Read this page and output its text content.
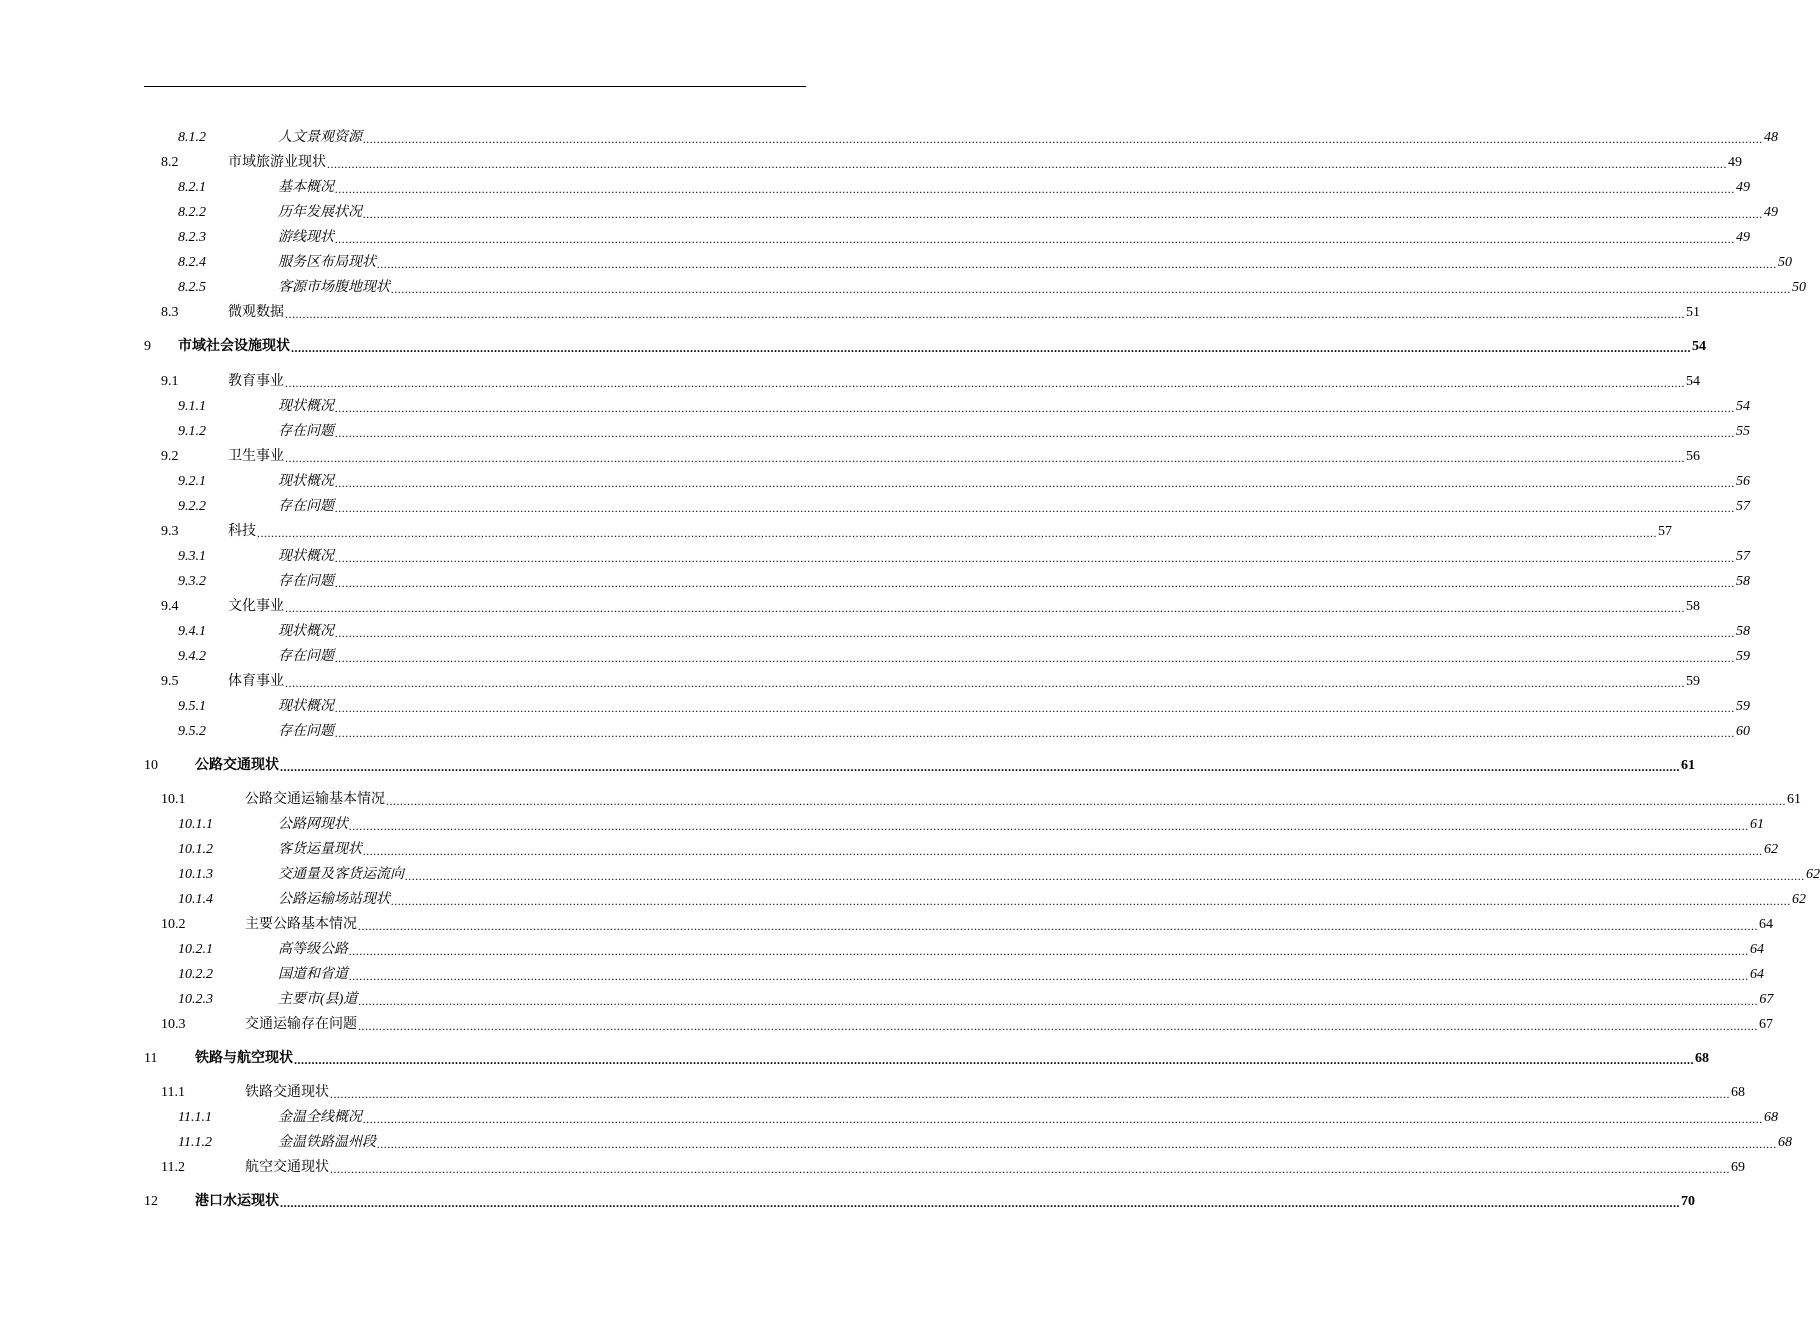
8.1.2	人文景观资源 ................................................................................................................................................................................................................................................................................................................................................................................................................ 48
8.2	市域旅游业现状 ................................................................................................................................................................................................................................................................................................................................................................................................................ 49
8.2.1	基本概况 ................................................................................................................................................................................................................................................................................................................................................................................................................ 49
8.2.2	历年发展状况 ................................................................................................................................................................................................................................................................................................................................................................................................................ 49
8.2.3	游线现状 ................................................................................................................................................................................................................................................................................................................................................................................................................ 49
8.2.4	服务区布局现状 ................................................................................................................................................................................................................................................................................................................................................................................................................ 50
8.2.5	客源市场腹地现状 ................................................................................................................................................................................................................................................................................................................................................................................................................ 50
8.3	微观数据 ................................................................................................................................................................................................................................................................................................................................................................................................................ 51
9 市域社会设施现状 ................................................................................................................................................................................................................................................................................................................................................................................................................ 54
9.1	教育事业 ................................................................................................................................................................................................................................................................................................................................................................................................................ 54
9.1.1	现状概况 ................................................................................................................................................................................................................................................................................................................................................................................................................ 54
9.1.2	存在问题 ................................................................................................................................................................................................................................................................................................................................................................................................................ 55
9.2	卫生事业 ................................................................................................................................................................................................................................................................................................................................................................................................................ 56
9.2.1	现状概况 ................................................................................................................................................................................................................................................................................................................................................................................................................ 56
9.2.2	存在问题 ................................................................................................................................................................................................................................................................................................................................................................................................................ 57
9.3	科技 ................................................................................................................................................................................................................................................................................................................................................................................................................ 57
9.3.1	现状概况 ................................................................................................................................................................................................................................................................................................................................................................................................................ 57
9.3.2	存在问题 ................................................................................................................................................................................................................................................................................................................................................................................................................ 58
9.4	文化事业 ................................................................................................................................................................................................................................................................................................................................................................................................................ 58
9.4.1	现状概况 ................................................................................................................................................................................................................................................................................................................................................................................................................ 58
9.4.2	存在问题 ................................................................................................................................................................................................................................................................................................................................................................................................................ 59
9.5	体育事业 ................................................................................................................................................................................................................................................................................................................................................................................................................ 59
9.5.1	现状概况 ................................................................................................................................................................................................................................................................................................................................................................................................................ 59
9.5.2	存在问题 ................................................................................................................................................................................................................................................................................................................................................................................................................ 60
10	公路交通现状 ................................................................................................................................................................................................................................................................................................................................................................................................................ 61
10.1	公路交通运输基本情况 ................................................................................................................................................................................................................................................................................................................................................................................................................ 61
10.1.1	公路网现状 ................................................................................................................................................................................................................................................................................................................................................................................................................ 61
10.1.2	客货运量现状 ................................................................................................................................................................................................................................................................................................................................................................................................................ 62
10.1.3	交通量及客货运流向 ................................................................................................................................................................................................................................................................................................................................................................................................................ 62
10.1.4	公路运输场站现状 ................................................................................................................................................................................................................................................................................................................................................................................................................ 62
10.2	主要公路基本情况 ................................................................................................................................................................................................................................................................................................................................................................................................................ 64
10.2.1	高等级公路 ................................................................................................................................................................................................................................................................................................................................................................................................................ 64
10.2.2	国道和省道 ................................................................................................................................................................................................................................................................................................................................................................................................................ 64
10.2.3	主要市(县)道 ................................................................................................................................................................................................................................................................................................................................................................................................................ 67
10.3	交通运输存在问题 ................................................................................................................................................................................................................................................................................................................................................................................................................ 67
11	铁路与航空现状 ................................................................................................................................................................................................................................................................................................................................................................................................................ 68
11.1	铁路交通现状 ................................................................................................................................................................................................................................................................................................................................................................................................................ 68
11.1.1	金温全线概况 ................................................................................................................................................................................................................................................................................................................................................................................................................ 68
11.1.2	金温铁路温州段 ................................................................................................................................................................................................................................................................................................................................................................................................................ 68
11.2	航空交通现状 ................................................................................................................................................................................................................................................................................................................................................................................................................ 69
12	港口水运现状 ................................................................................................................................................................................................................................................................................................................................................................................................................ 70
